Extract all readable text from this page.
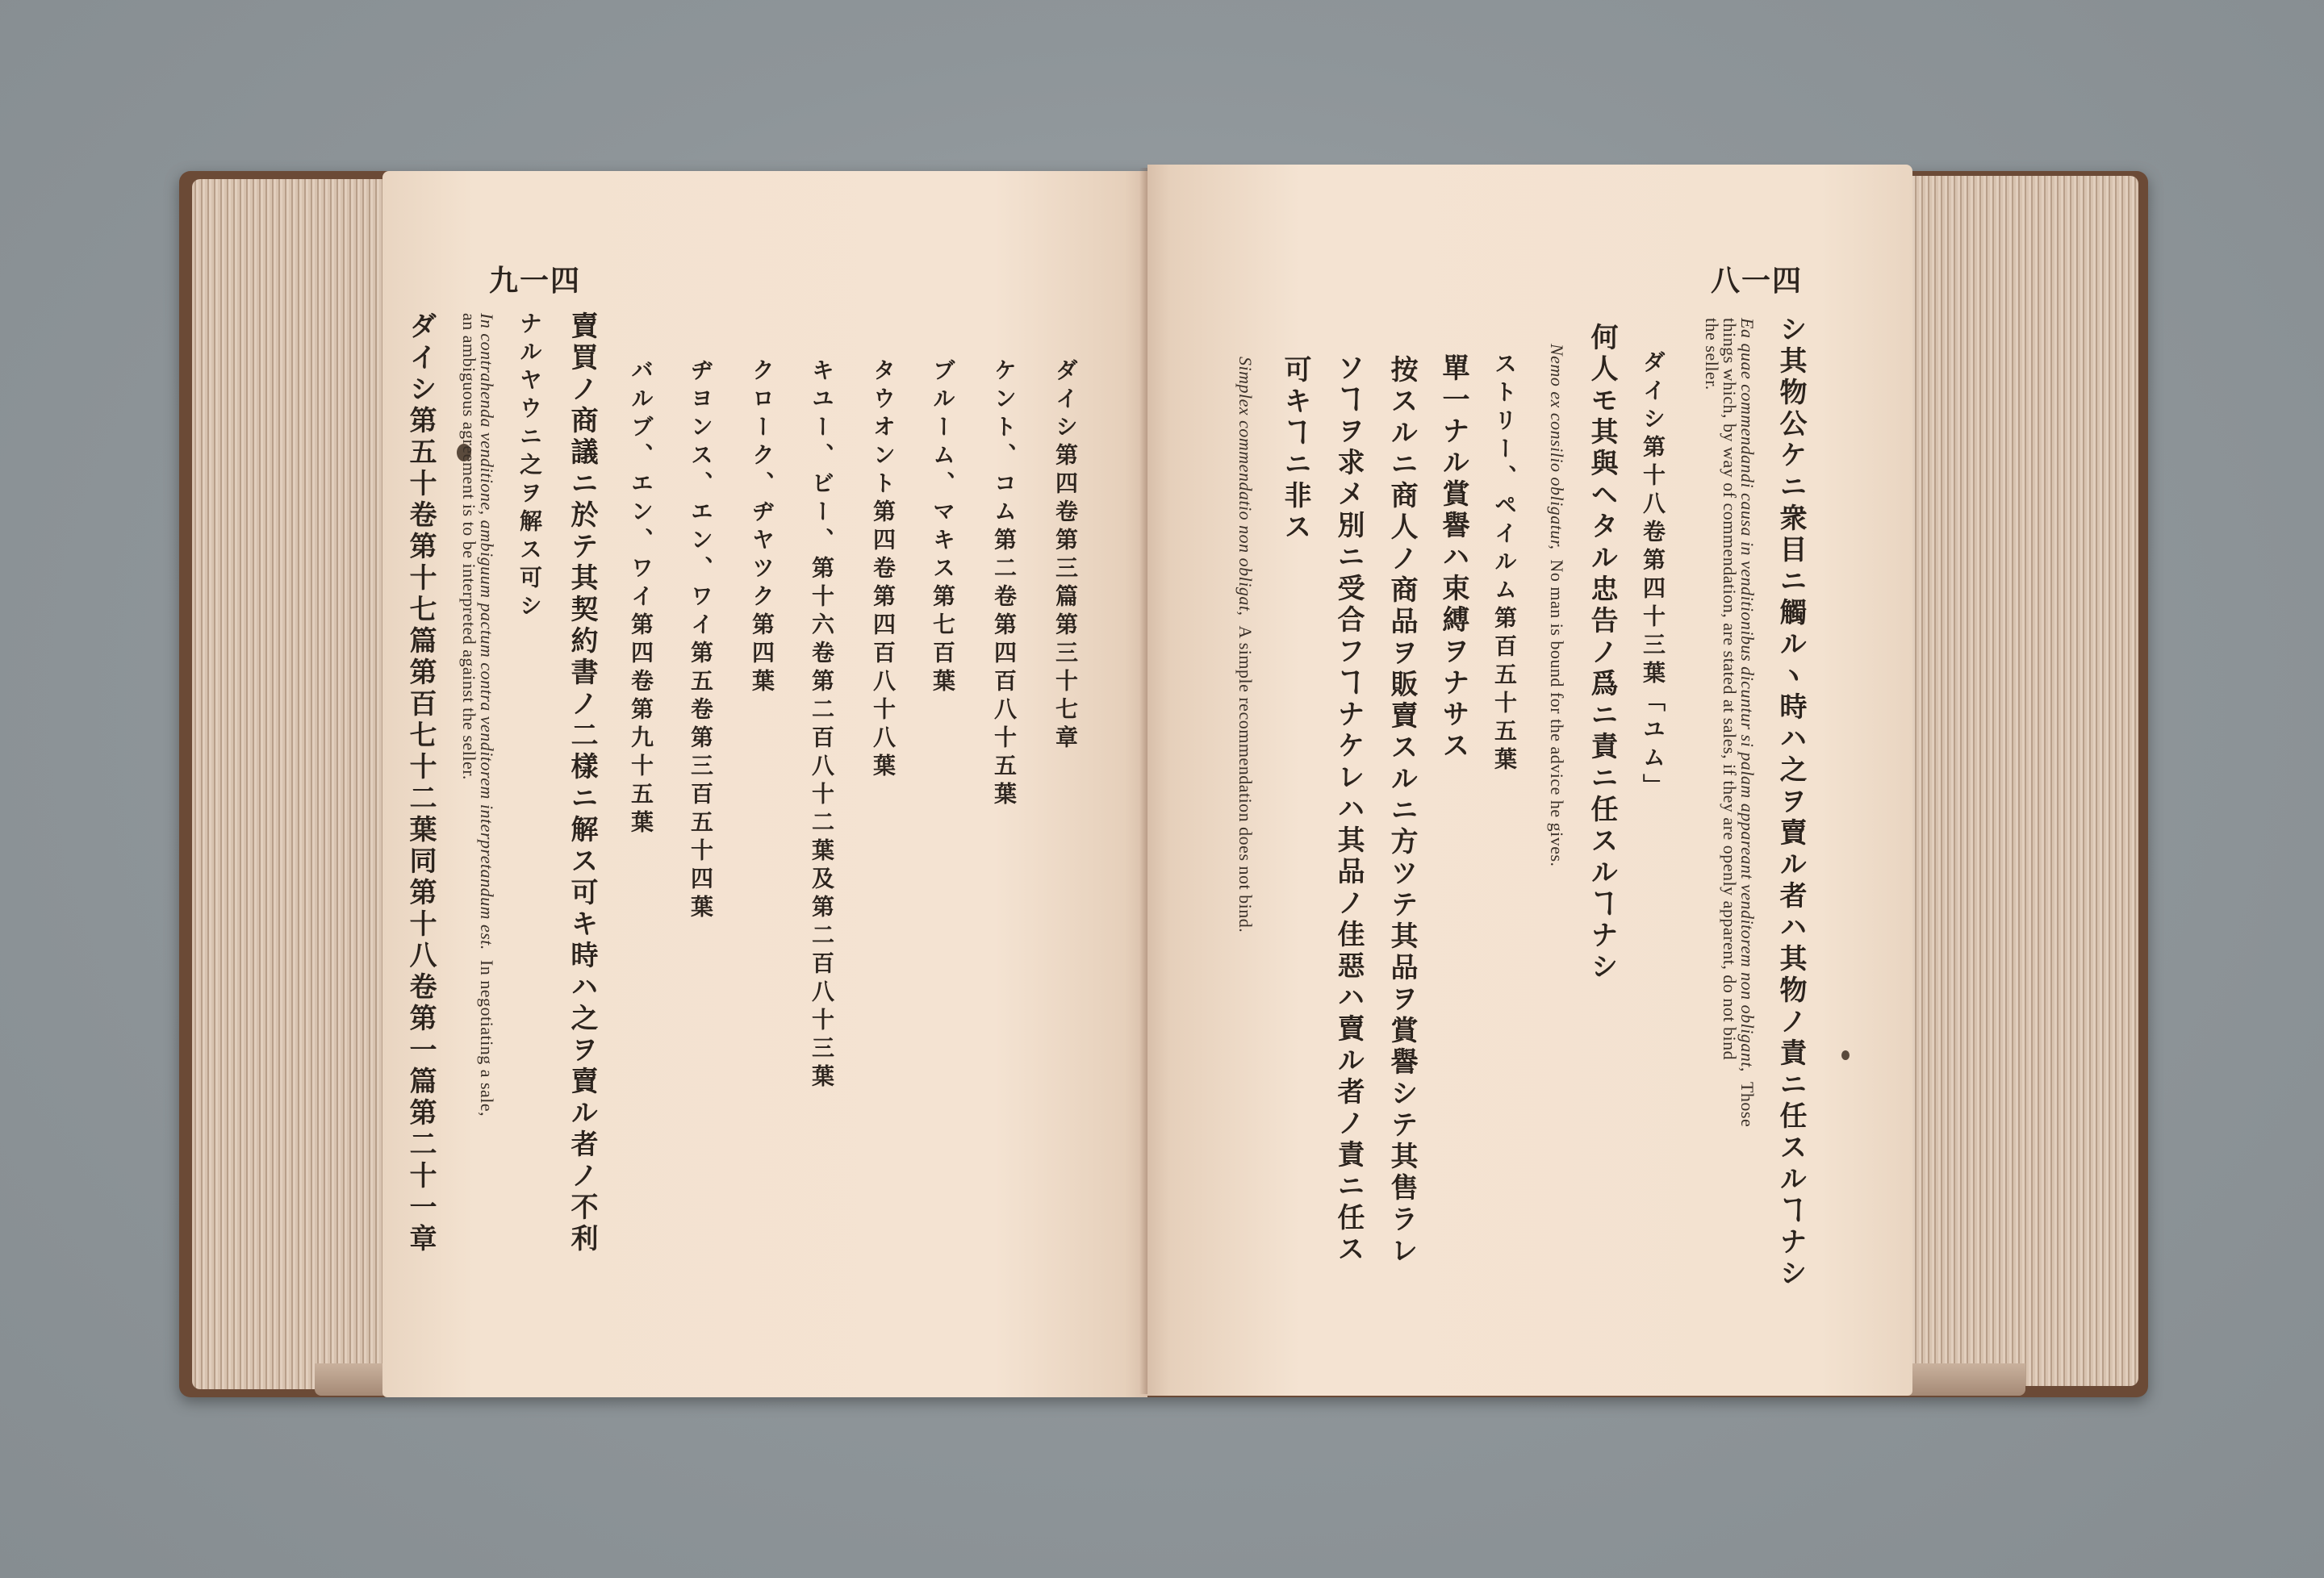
九一四
ダイシ第四卷第三篇第三十七章
ケント、コム第二卷第四百八十五葉
ブルーム、マキス第七百葉
タウオント第四卷第四百八十八葉
キユー、ビー、第十六卷第二百八十二葉及第二百八十三葉
クローク、ヂヤツク第四葉
ヂヨンス、エン、ワイ第五卷第三百五十四葉
バルブ、エン、ワイ第四卷第九十五葉
賣買ノ商議ニ於テ其契約書ノ二樣ニ解ス可キ時ハ之ヲ賣ル者ノ不利
ナルヤウニ之ヲ解ス可シ
In contrahenda venditione, ambiguum pactum contra venditorem interpretandum est.  In negotiating a sale,
an ambiguous agreement is to be interpreted against the seller.
ダイシ第五十卷第十七篇第百七十二葉同第十八卷第一篇第二十一章
八一四
シ其物公ケニ衆目ニ觸ルヽ時ハ之ヲ賣ル者ハ其物ノ責ニ任スルヿナシ
Ea quae commendandi causa in venditionibus dicuntur si palam appareant venditorem non obligant,  Those
things which, by way of commendation, are stated at sales, if they are openly apparent, do not bind
the seller.
ダイシ第十八卷第四十三葉「ユム」
何人モ其與ヘタル忠告ノ爲ニ責ニ任スルヿナシ
Nemo ex consilio obligatur,  No man is bound for the advice he gives.
ストリー、ペイルム第百五十五葉
單一ナル賞譽ハ束縛ヲナサス
按スルニ商人ノ商品ヲ販賣スルニ方ツテ其品ヲ賞譽シテ其售ラレ
ソヿヲ求メ別ニ受合フヿナケレハ其品ノ佳惡ハ賣ル者ノ責ニ任ス
可キヿニ非ス
Simplex commendatio non obligat,  A simple recommendation does not bind.
